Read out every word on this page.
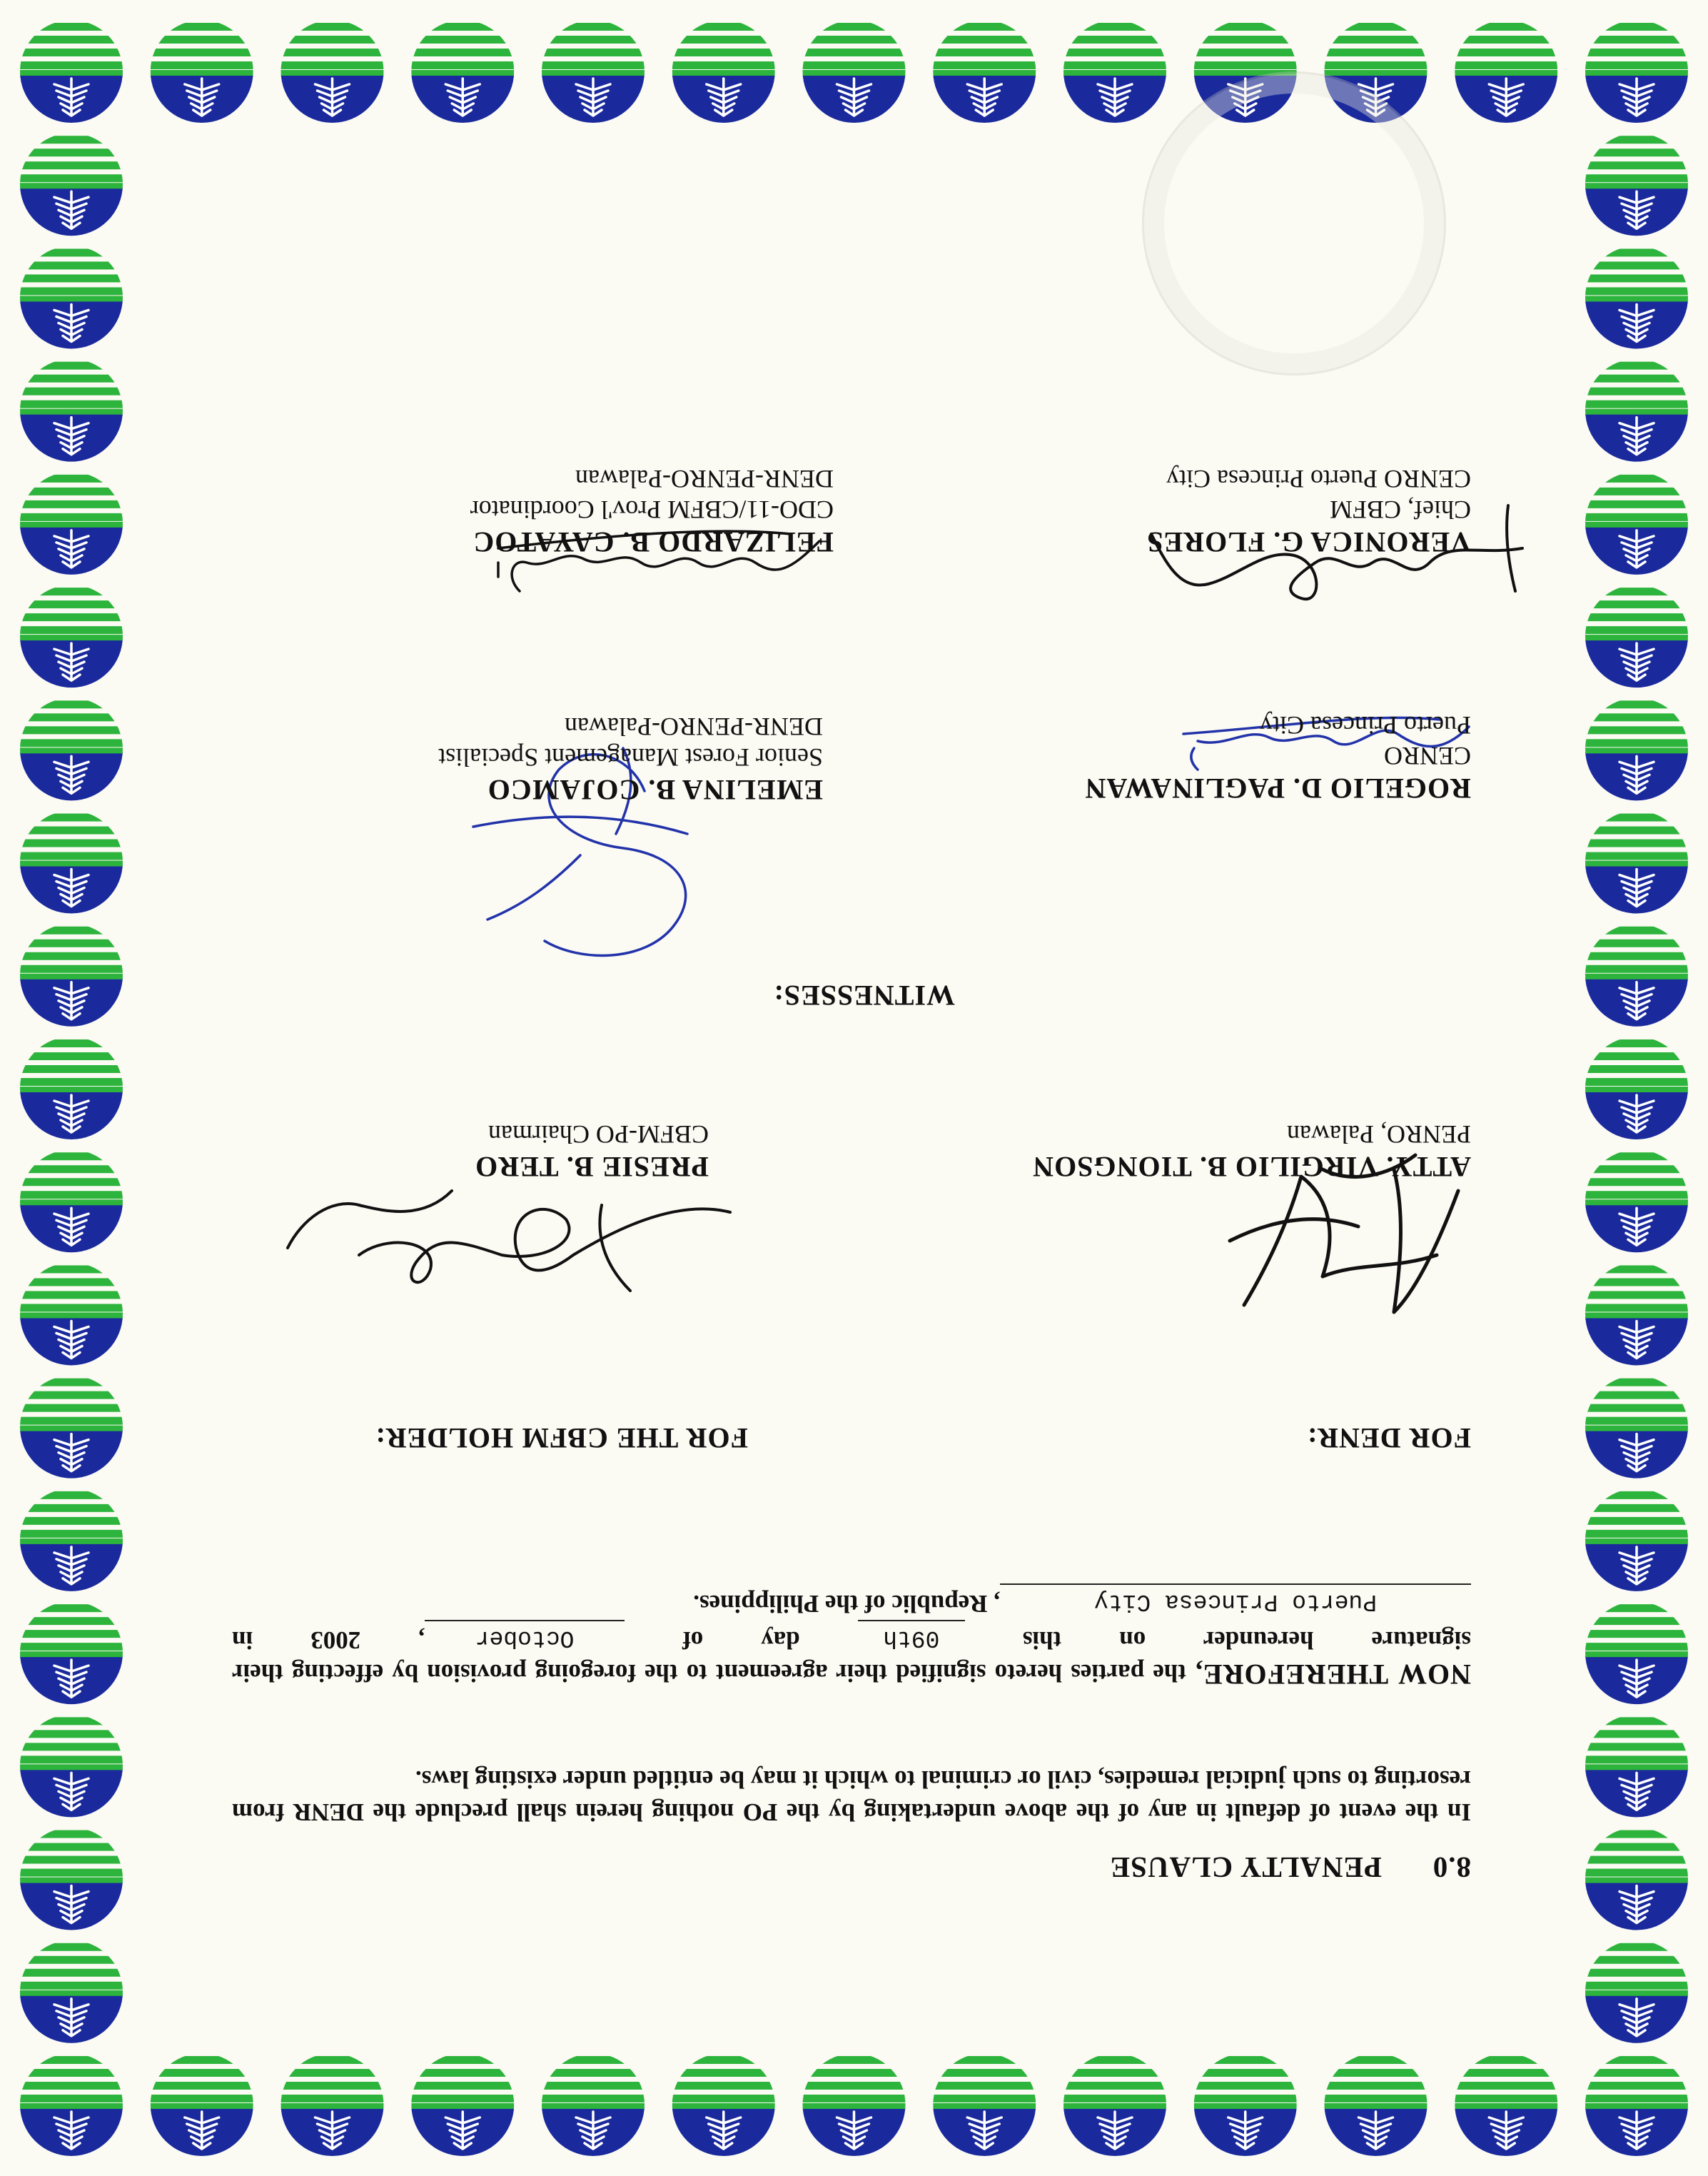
8.0PENALTY CLAUSE
In the event of default in any of the above undertaking by the PO nothing herein shall preclude the DENR from resorting to such judicial remedies, civil or criminal to which it may be entitled under existing laws.
NOW THEREFORE, the parties hereto signified their agreement to the foregoing provision by effecting their signature hereunder on this 09th day of October, 2003 in Puerto Princesa City, Republic of the Philippines.
FOR DENR:
FOR THE CBFM HOLDER:
ATTY. VIRGILIO B. TIONGSON
PENRO, Palawan
PRESIE B. TERO
CBFM-PO Chairman
WITNESSES:
ROGELIO D. PAGLINAWAN
CENRO
Puerto Princesa City
EMELINA B. COJAMCO
Senior Forest Management Specialist
DENR-PENRO-Palawan
VERONICA G. FLORES
Chief, CBFM
CENRO Puerto Princesa City
FELIZARDO B. CAYATOC
CDO-11/CBFM Prov'l Coordinator
DENR-PENRO-Palawan
